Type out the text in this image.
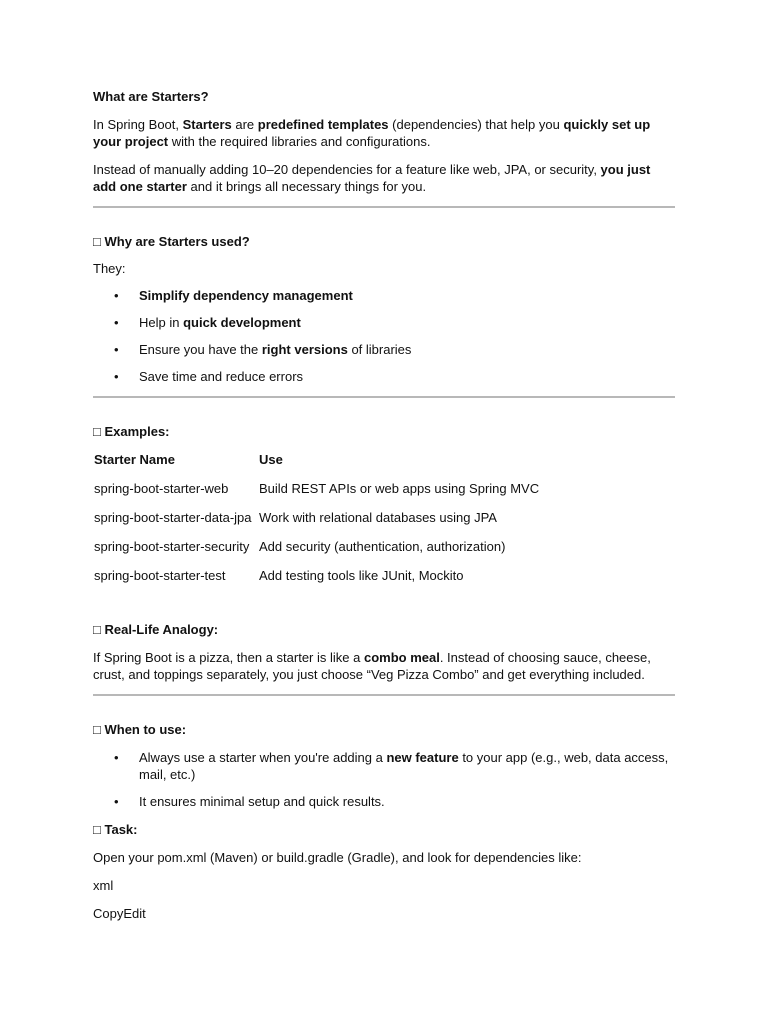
What are Starters?

In Spring Boot, Starters are predefined templates (dependencies) that help you quickly set up your project with the required libraries and configurations.

Instead of manually adding 10–20 dependencies for a feature like web, JPA, or security, you just add one starter and it brings all necessary things for you.

□ Why are Starters used?

They:

• Simplify dependency management
• Help in quick development
• Ensure you have the right versions of libraries
• Save time and reduce errors

□ Examples:

Starter Name	Use
spring-boot-starter-web	Build REST APIs or web apps using Spring MVC
spring-boot-starter-data-jpa	Work with relational databases using JPA
spring-boot-starter-security	Add security (authentication, authorization)
spring-boot-starter-test	Add testing tools like JUnit, Mockito

□ Real-Life Analogy:

If Spring Boot is a pizza, then a starter is like a combo meal. Instead of choosing sauce, cheese, crust, and toppings separately, you just choose “Veg Pizza Combo” and get everything included.

□ When to use:

• Always use a starter when you're adding a new feature to your app (e.g., web, data access, mail, etc.)
• It ensures minimal setup and quick results.

□ Task:

Open your pom.xml (Maven) or build.gradle (Gradle), and look for dependencies like:

xml

CopyEdit
